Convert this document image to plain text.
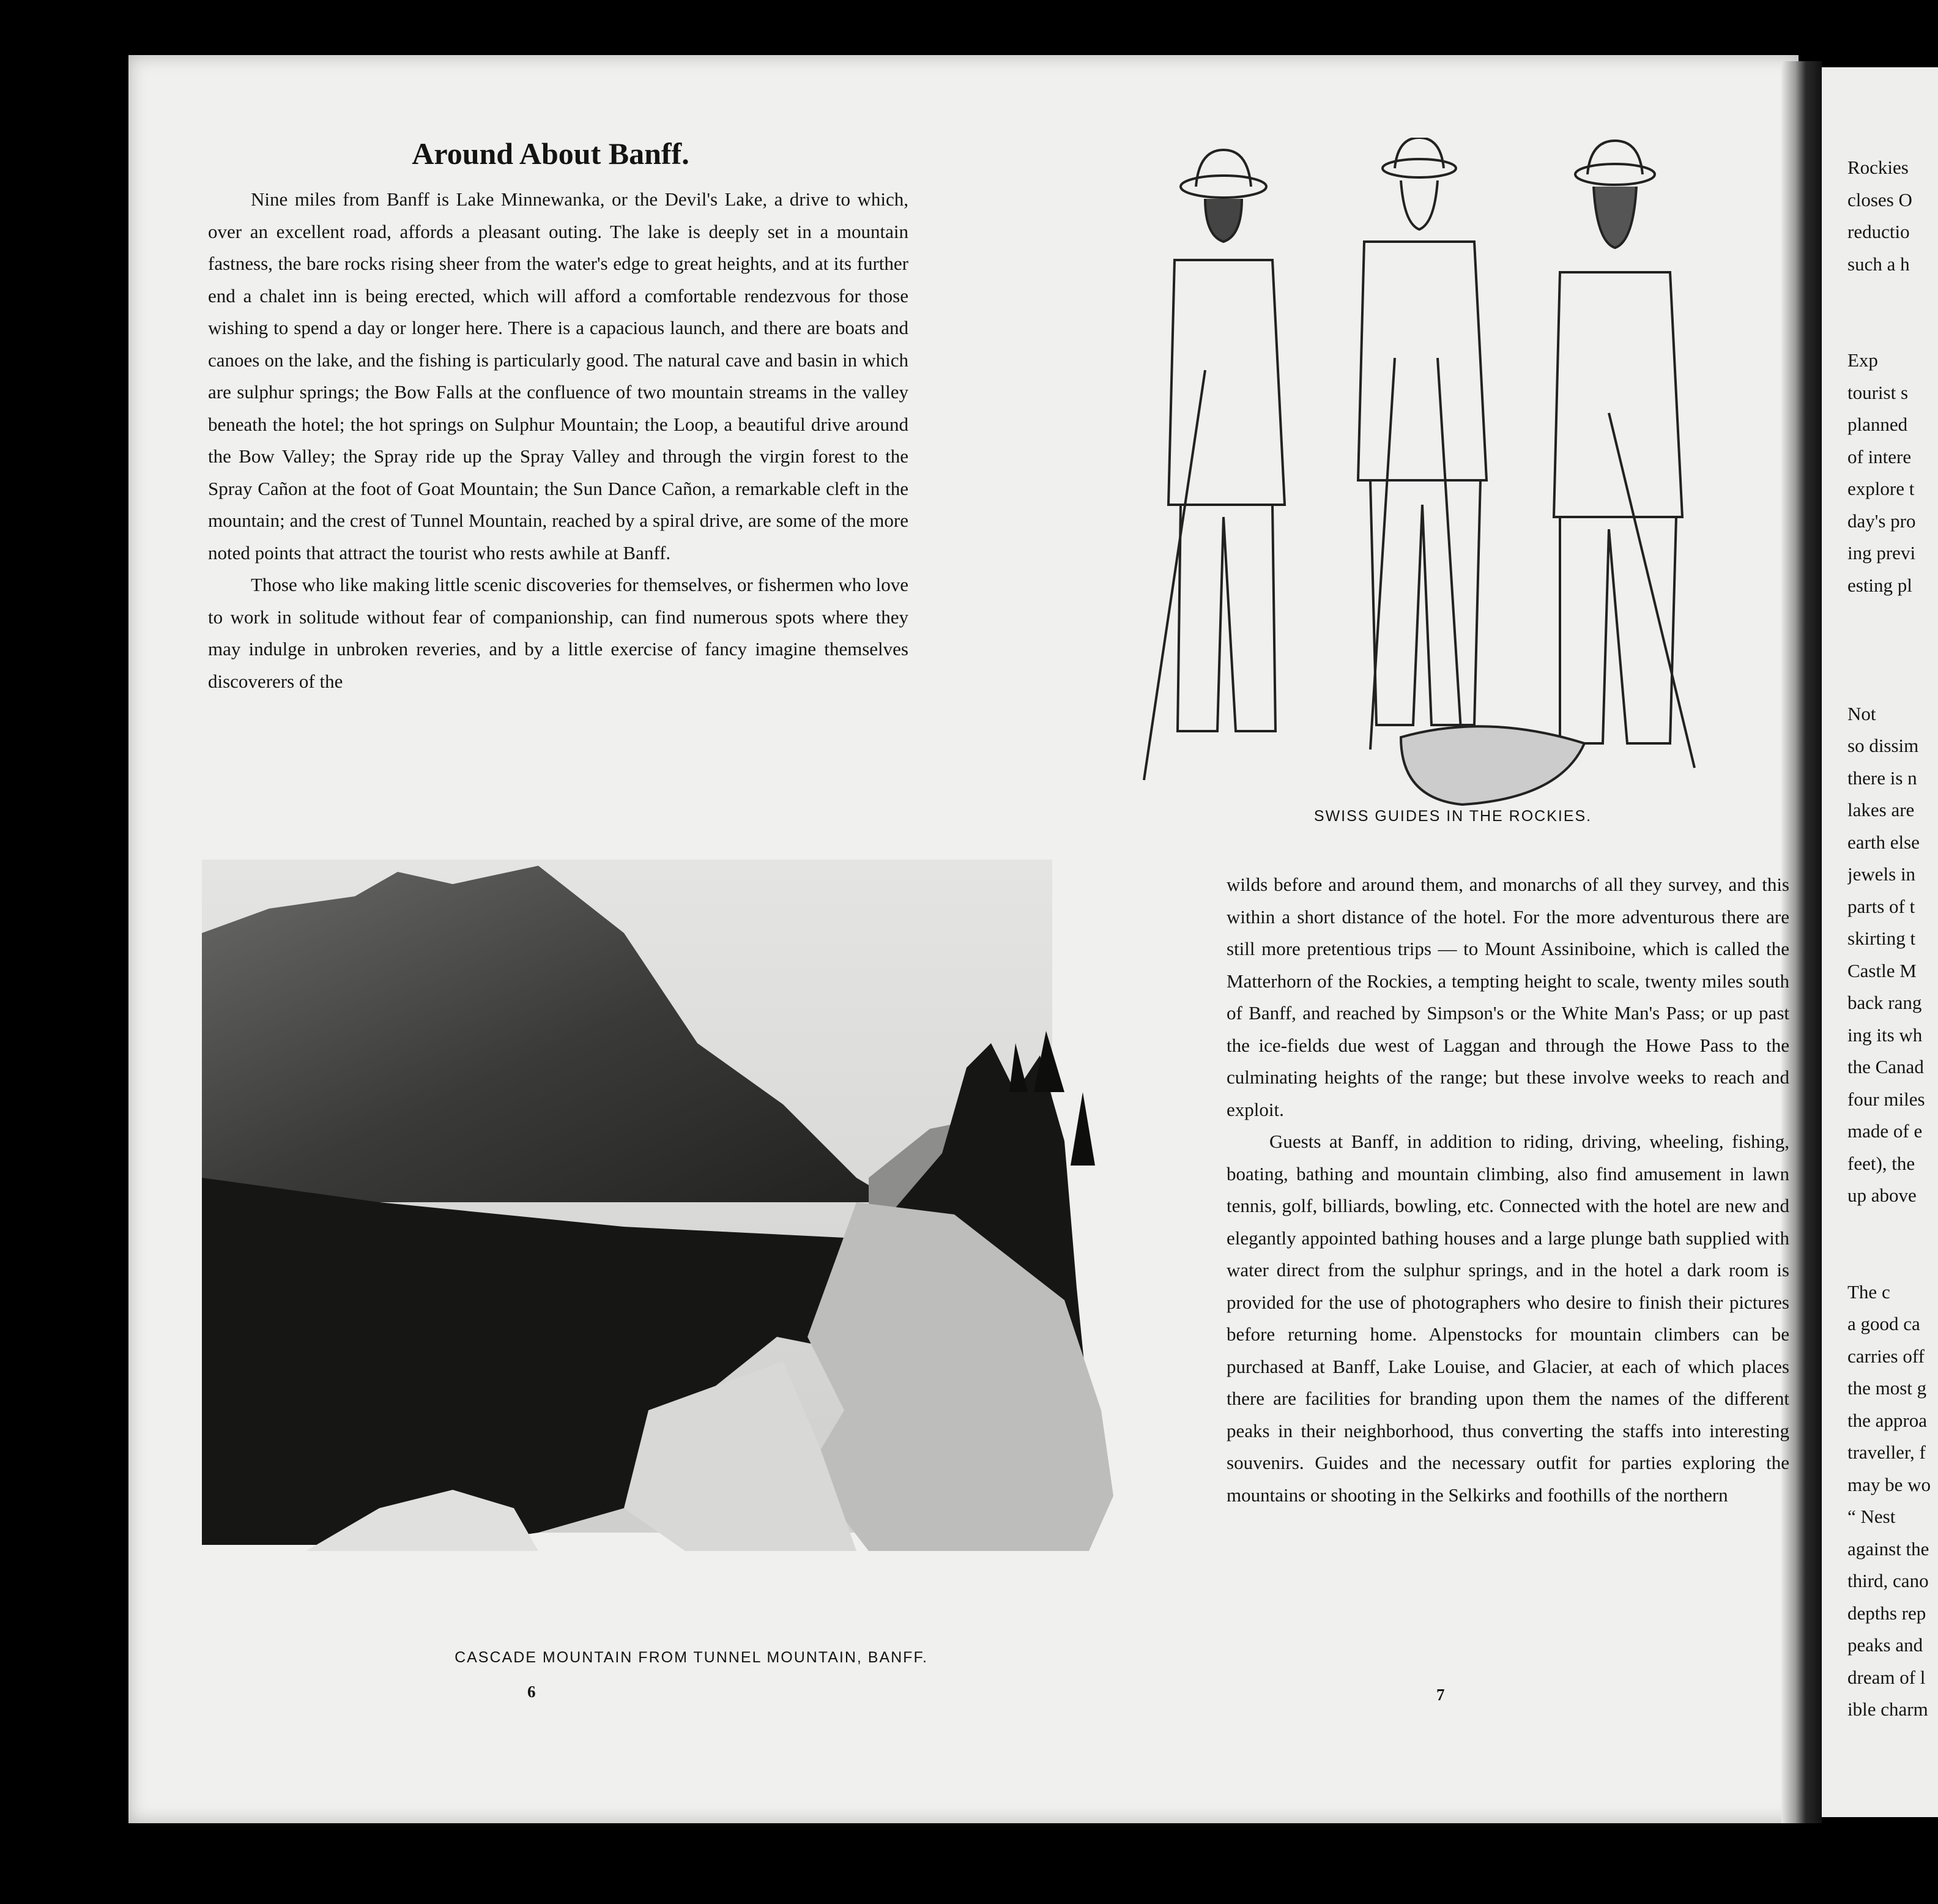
Around About Banff.

Nine miles from Banff is Lake Minnewanka, or the Devil's Lake, a drive to which, over an excellent road, affords a pleasant outing. The lake is deeply set in a mountain fastness, the bare rocks rising sheer from the water's edge to great heights, and at its further end a chalet inn is being erected, which will afford a comfortable rendezvous for those wishing to spend a day or longer here. There is a capacious launch, and there are boats and canoes on the lake, and the fishing is particularly good. The natural cave and basin in which are sulphur springs; the Bow Falls at the confluence of two mountain streams in the valley beneath the hotel; the hot springs on Sulphur Mountain; the Loop, a beautiful drive around the Bow Valley; the Spray ride up the Spray Valley and through the virgin forest to the Spray Cañon at the foot of Goat Mountain; the Sun Dance Cañon, a remarkable cleft in the mountain; and the crest of Tunnel Mountain, reached by a spiral drive, are some of the more noted points that attract the tourist who rests awhile at Banff.

Those who like making little scenic discoveries for themselves, or fishermen who love to work in solitude without fear of companionship, can find numerous spots where they may indulge in unbroken reveries, and by a little exercise of fancy imagine themselves discoverers of the

CASCADE MOUNTAIN FROM TUNNEL MOUNTAIN, BANFF.
6
SWISS GUIDES IN THE ROCKIES.

wilds before and around them, and monarchs of all they survey, and this within a short distance of the hotel. For the more adventurous there are still more pretentious trips — to Mount Assiniboine, which is called the Matterhorn of the Rockies, a tempting height to scale, twenty miles south of Banff, and reached by Simpson's or the White Man's Pass; or up past the ice-fields due west of Laggan and through the Howe Pass to the culminating heights of the range; but these involve weeks to reach and exploit.

Guests at Banff, in addition to riding, driving, wheeling, fishing, boating, bathing and mountain climbing, also find amusement in lawn tennis, golf, billiards, bowling, etc. Connected with the hotel are new and elegantly appointed bathing houses and a large plunge bath supplied with water direct from the sulphur springs, and in the hotel a dark room is provided for the use of photographers who desire to finish their pictures before returning home. Alpenstocks for mountain climbers can be purchased at Banff, Lake Louise, and Glacier, at each of which places there are facilities for branding upon them the names of the different peaks in their neighborhood, thus converting the staffs into interesting souvenirs. Guides and the necessary outfit for parties exploring the mountains or shooting in the Selkirks and foothills of the northern

7
Rockies
closes O
reductio
such a h
Exp
tourist s
planned
of intere
explore t
day's pro
ing previ
esting pl
Not
so dissim
there is n
lakes are
earth else
jewels in
parts of t
skirting t
Castle M
back rang
ing its wh
the Canad
four miles
made of e
feet), the
up above
The c
a good ca
carries off
the most g
the approa
traveller, f
may be wo
“ Nest
against the
third, cano
depths rep
peaks and
dream of l
ible charm
